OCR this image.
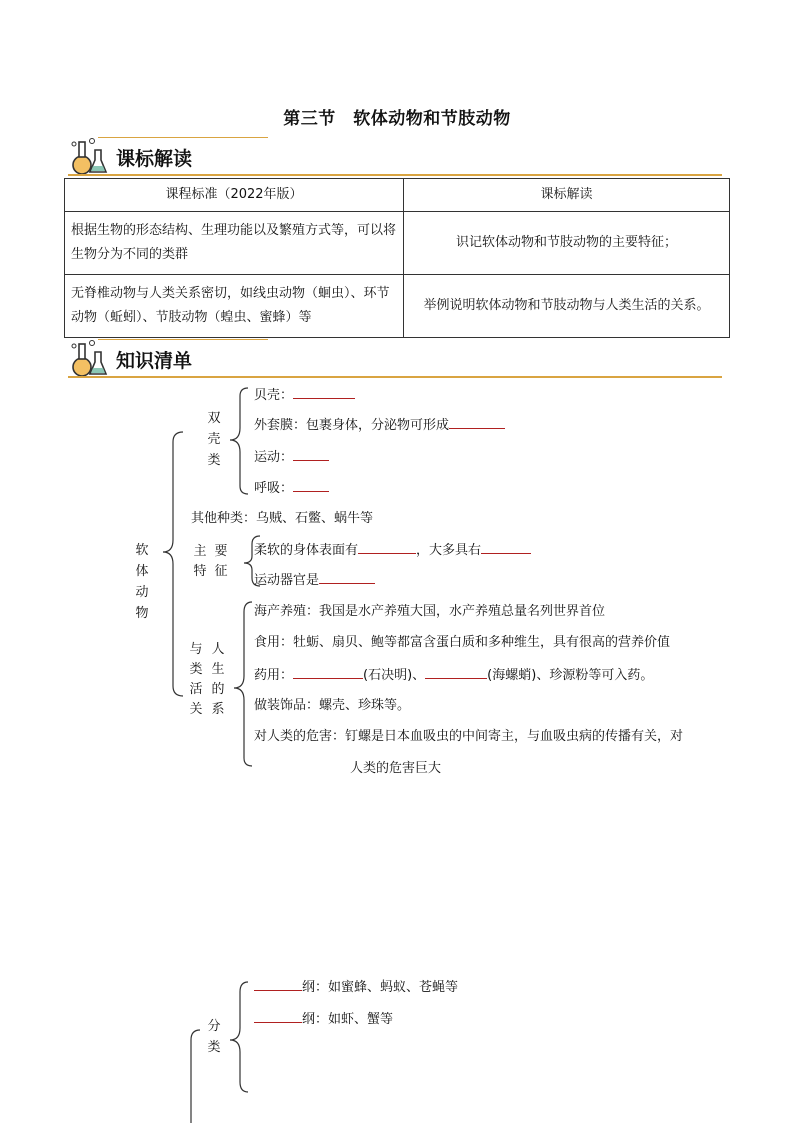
第三节　软体动物和节肢动物
课标解读
课程标准（2022年版）	课标解读
根据生物的形态结构、生理功能以及繁殖方式等，可以将生物分为不同的类群	识记软体动物和节肢动物的主要特征；
无脊椎动物与人类关系密切，如线虫动物（蛔虫）、环节动物（蚯蚓）、节肢动物（蝗虫、蜜蜂）等	举例说明软体动物和节肢动物与人类生活的关系。
知识清单
软体动物
双壳类
贝壳：
外套膜：包裹身体，分泌物可形成
运动：
呼吸：
其他种类：乌贼、石鳖、蜗牛等
主特
要征
柔软的身体表面有	，大多具右
运动器官是
与类活关
人生的系
海产养殖：我国是水产养殖大国，水产养殖总量名列世界首位
食用：牡蛎、扇贝、鲍等都富含蛋白质和多种维生，具有很高的营养价值
药用：	(石决明)、	(海螺蛸)、珍源粉等可入药。
做装饰品：螺壳、珍珠等。
对人类的危害：钉螺是日本血吸虫的中间寄主，与血吸虫病的传播有关，对
人类的危害巨大
分类
纲：如蜜蜂、蚂蚁、苍蝇等
纲：如虾、蟹等
